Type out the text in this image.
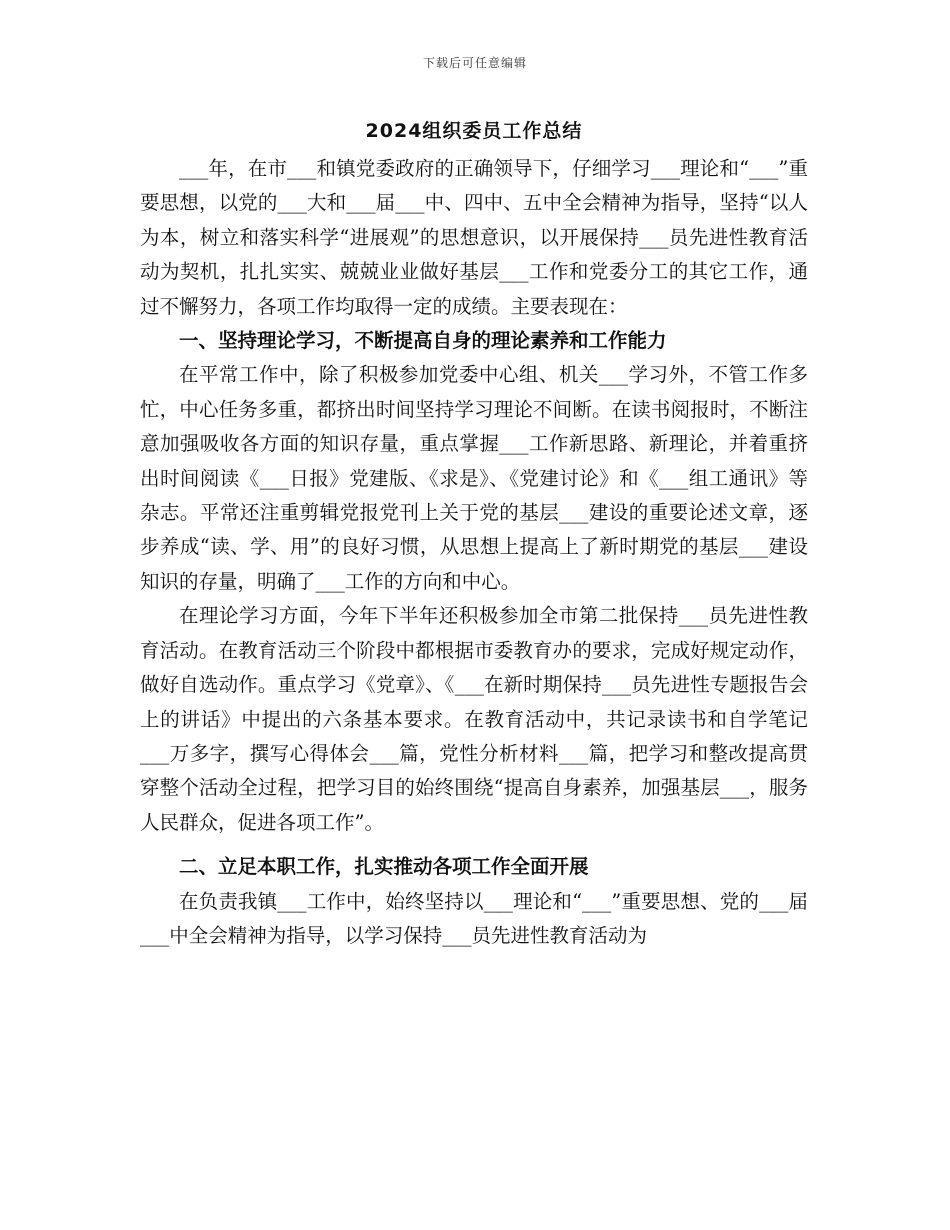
下载后可任意编辑
2024组织委员工作总结

___年，在市___和镇党委政府的正确领导下，仔细学习___理论和“___”重要思想，以党的___大和___届___中、四中、五中全会精神为指导，坚持“以人为本，树立和落实科学“进展观”的思想意识，以开展保持___员先进性教育活动为契机，扎扎实实、兢兢业业做好基层___工作和党委分工的其它工作，通过不懈努力，各项工作均取得一定的成绩。主要表现在：

一、坚持理论学习，不断提高自身的理论素养和工作能力

在平常工作中，除了积极参加党委中心组、机关___学习外，不管工作多忙，中心任务多重，都挤出时间坚持学习理论不间断。在读书阅报时，不断注意加强吸收各方面的知识存量，重点掌握___工作新思路、新理论，并着重挤出时间阅读《___日报》党建版、《求是》、《党建讨论》和《___组工通讯》等杂志。平常还注重剪辑党报党刊上关于党的基层___建设的重要论述文章，逐步养成“读、学、用”的良好习惯，从思想上提高上了新时期党的基层___建设知识的存量，明确了___工作的方向和中心。

在理论学习方面，今年下半年还积极参加全市第二批保持___员先进性教育活动。在教育活动三个阶段中都根据市委教育办的要求，完成好规定动作，做好自选动作。重点学习《党章》、《___在新时期保持___员先进性专题报告会上的讲话》中提出的六条基本要求。在教育活动中，共记录读书和自学笔记___万多字，撰写心得体会___篇，党性分析材料___篇，把学习和整改提高贯穿整个活动全过程，把学习目的始终围绕“提高自身素养，加强基层___，服务人民群众，促进各项工作”。

二、立足本职工作，扎实推动各项工作全面开展

在负责我镇___工作中，始终坚持以___理论和“___”重要思想、党的___届___中全会精神为指导，以学习保持___员先进性教育活动为
